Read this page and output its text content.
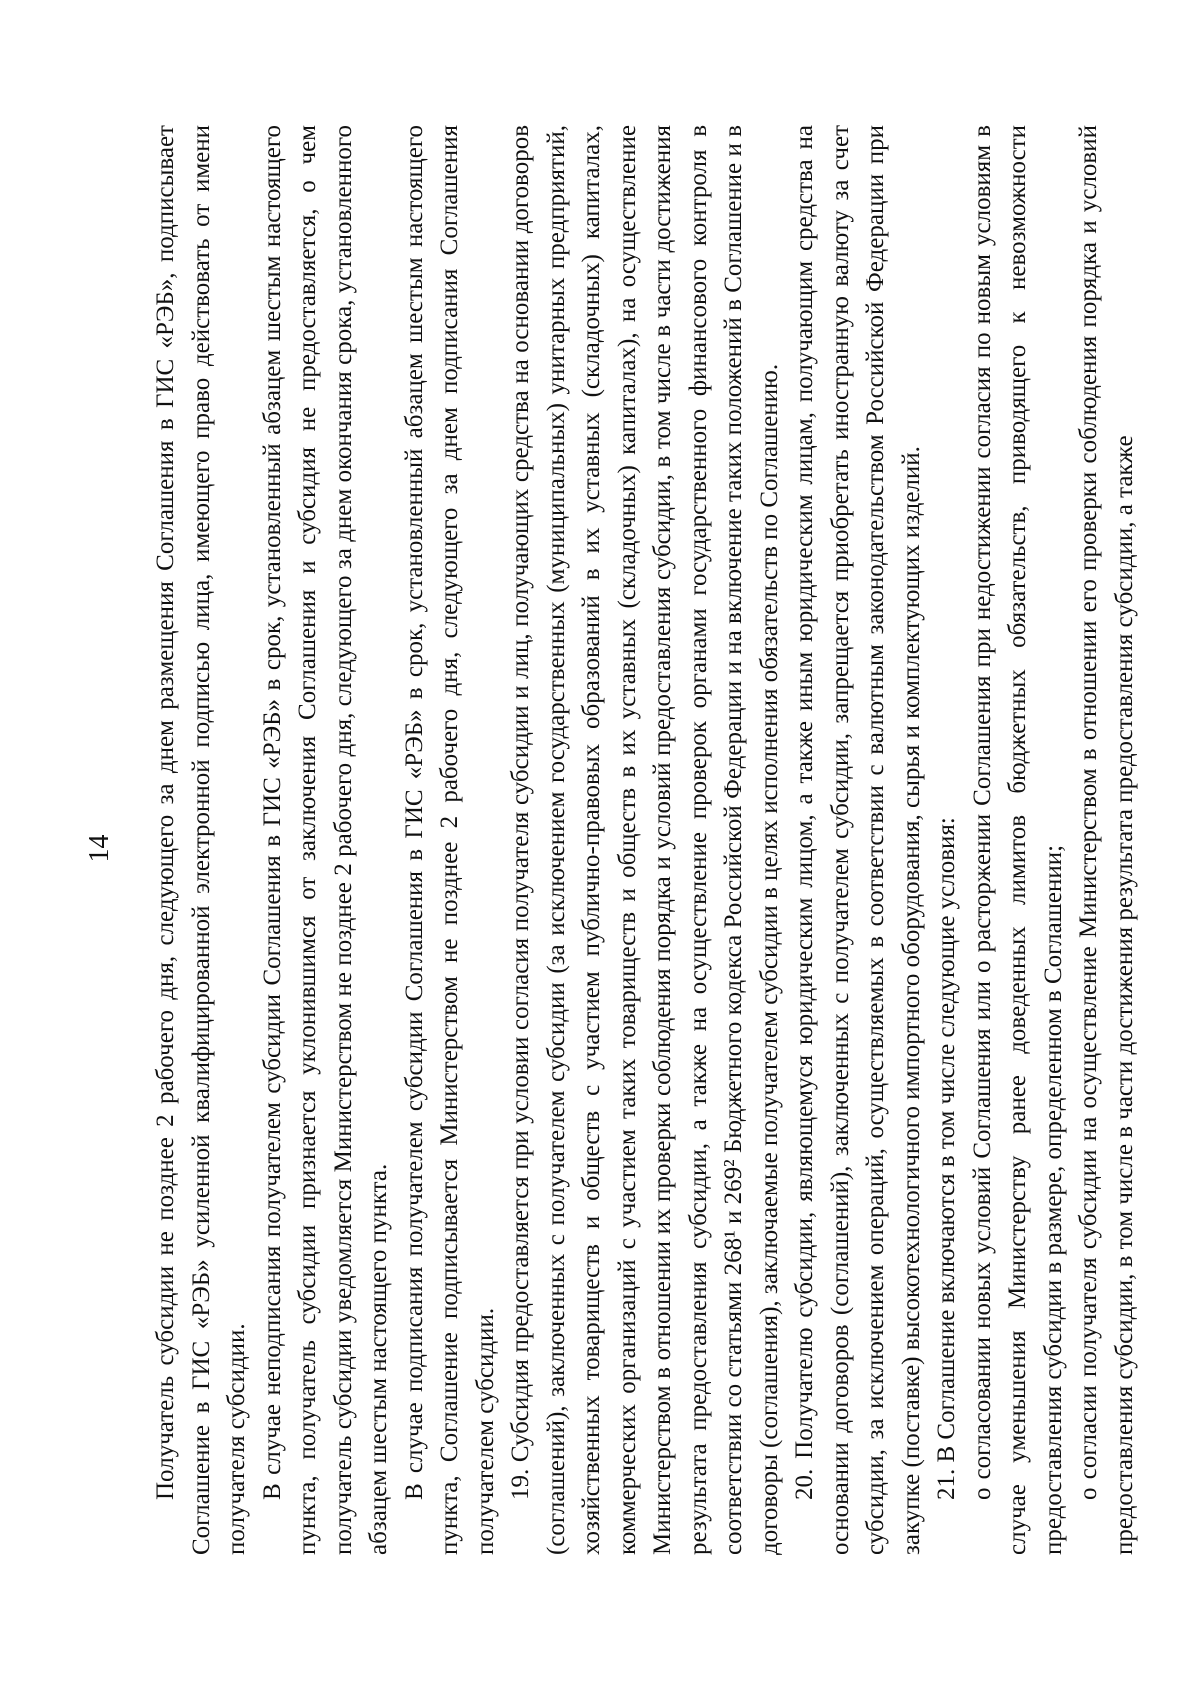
14 Получатель субсидии не позднее 2 рабочего дня, следующего за днем размещения Соглашения в ГИС «РЭБ», подписывает Соглашение в ГИС «РЭБ» усиленной квалифицированной электронной подписью лица, имеющего право действовать от имени получателя субсидии. В случае неподписания получателем субсидии Соглашения в ГИС «РЭБ» в срок, установленный абзацем шестым настоящего пункта, получатель субсидии признается уклонившимся от заключения Соглашения и субсидия не предоставляется, о чем получатель субсидии уведомляется Министерством не позднее 2 рабочего дня, следующего за днем окончания срока, установленного абзацем шестым настоящего пункта. В случае подписания получателем субсидии Соглашения в ГИС «РЭБ» в срок, установленный абзацем шестым настоящего пункта, Соглашение подписывается Министерством не позднее 2 рабочего дня, следующего за днем подписания Соглашения получателем субсидии. 19. Субсидия предоставляется при условии согласия получателя субсидии и лиц, получающих средства на основании договоров (соглашений), заключенных с получателем субсидии (за исключением государственных (муниципальных) унитарных предприятий, хозяйственных товариществ и обществ с участием публично-правовых образований в их уставных (складочных) капиталах, коммерческих организаций с участием таких товариществ и обществ в их уставных (складочных) капиталах), на осуществление Министерством в отношении их проверки соблюдения порядка и условий предоставления субсидии, в том числе в части достижения результата предоставления субсидии, а также на осуществление проверок органами государственного финансового контроля в соответствии со статьями 268¹ и 269² Бюджетного кодекса Российской Федерации и на включение таких положений в Соглашение и в договоры (соглашения), заключаемые получателем субсидии в целях исполнения обязательств по Соглашению. 20. Получателю субсидии, являющемуся юридическим лицом, а также иным юридическим лицам, получающим средства на основании договоров (соглашений), заключенных с получателем субсидии, запрещается приобретать иностранную валюту за счет субсидии, за исключением операций, осуществляемых в соответствии с валютным законодательством Российской Федерации при закупке (поставке) высокотехнологичного импортного оборудования, сырья и комплектующих изделий. 21. В Соглашение включаются в том числе следующие условия: о согласовании новых условий Соглашения или о расторжении Соглашения при недостижении согласия по новым условиям в случае уменьшения Министерству ранее доведенных лимитов бюджетных обязательств, приводящего к невозможности предоставления субсидии в размере, определенном в Соглашении; о согласии получателя субсидии на осуществление Министерством в отношении его проверки соблюдения порядка и условий предоставления субсидии, в том числе в части достижения результата предоставления субсидии, а также
